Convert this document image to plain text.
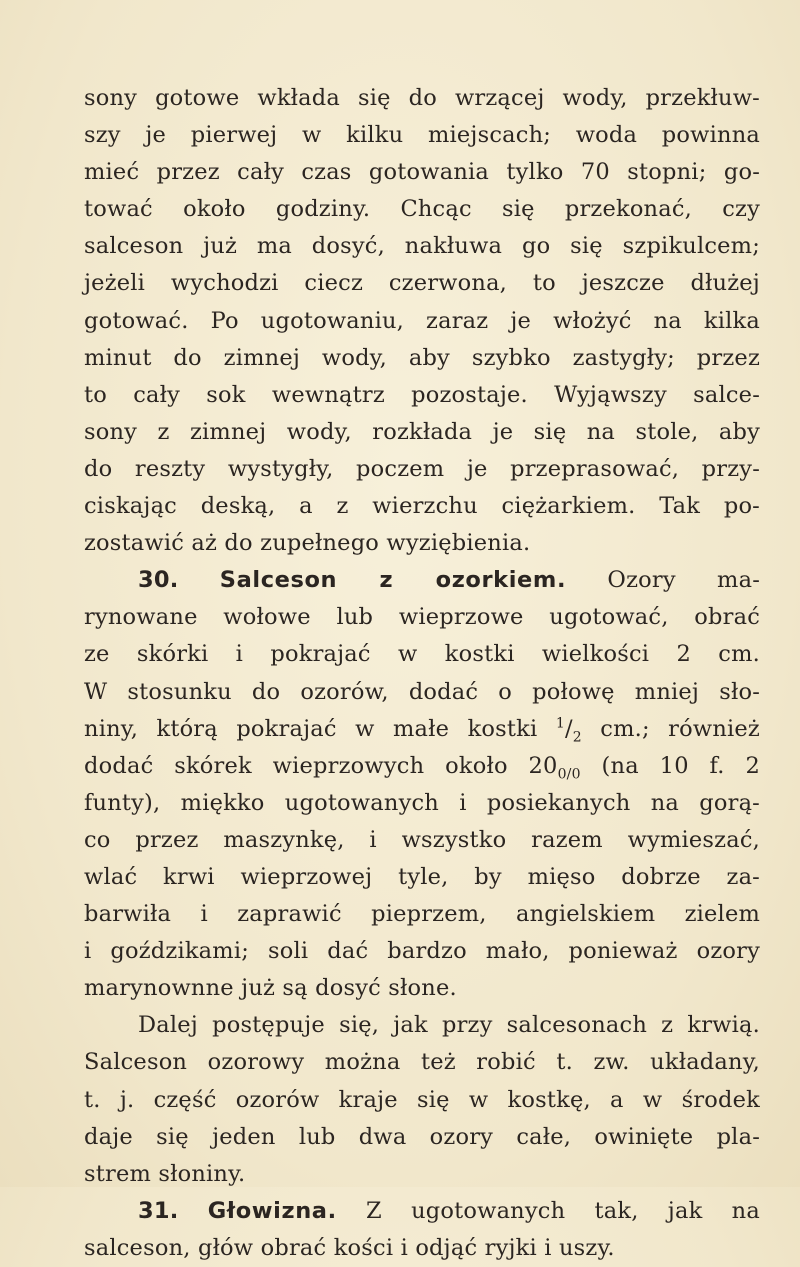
sony gotowe wkłada się do wrzącej wody, przekłuw-
szy je pierwej w kilku miejscach; woda powinna
mieć przez cały czas gotowania tylko 70 stopni; go-
tować około godziny. Chcąc się przekonać, czy
salceson już ma dosyć, nakłuwa go się szpikulcem;
jeżeli wychodzi ciecz czerwona, to jeszcze dłużej
gotować. Po ugotowaniu, zaraz je włożyć na kilka
minut do zimnej wody, aby szybko zastygły; przez
to cały sok wewnątrz pozostaje. Wyjąwszy salce-
sony z zimnej wody, rozkłada je się na stole, aby
do reszty wystygły, poczem je przeprasować, przy-
ciskając deską, a z wierzchu ciężarkiem. Tak po-
zostawić aż do zupełnego wyziębienia.
30. Salceson z ozorkiem. Ozory ma-
rynowane wołowe lub wieprzowe ugotować, obrać
ze skórki i pokrajać w kostki wielkości 2 cm.
W stosunku do ozorów, dodać o połowę mniej sło-
niny, którą pokrajać w małe kostki $^1/_2$ cm.; również
dodać skórek wieprzowych około $20_{0/0}$ (na 10 f. 2
funty), miękko ugotowanych i posiekanych na gorą-
co przez maszynkę, i wszystko razem wymieszać,
wlać krwi wieprzowej tyle, by mięso dobrze za-
barwiła i zaprawić pieprzem, angielskiem zielem
i goździkami; soli dać bardzo mało, ponieważ ozory
marynownne już są dosyć słone.
Dalej postępuje się, jak przy salcesonach z krwią.
Salceson ozorowy można też robić t. zw. układany,
t. j. część ozorów kraje się w kostkę, a w środek
daje się jeden lub dwa ozory całe, owinięte pla-
strem słoniny.
31. Głowizna. Z ugotowanych tak, jak na
salceson, głów obrać kości i odjąć ryjki i uszy.
